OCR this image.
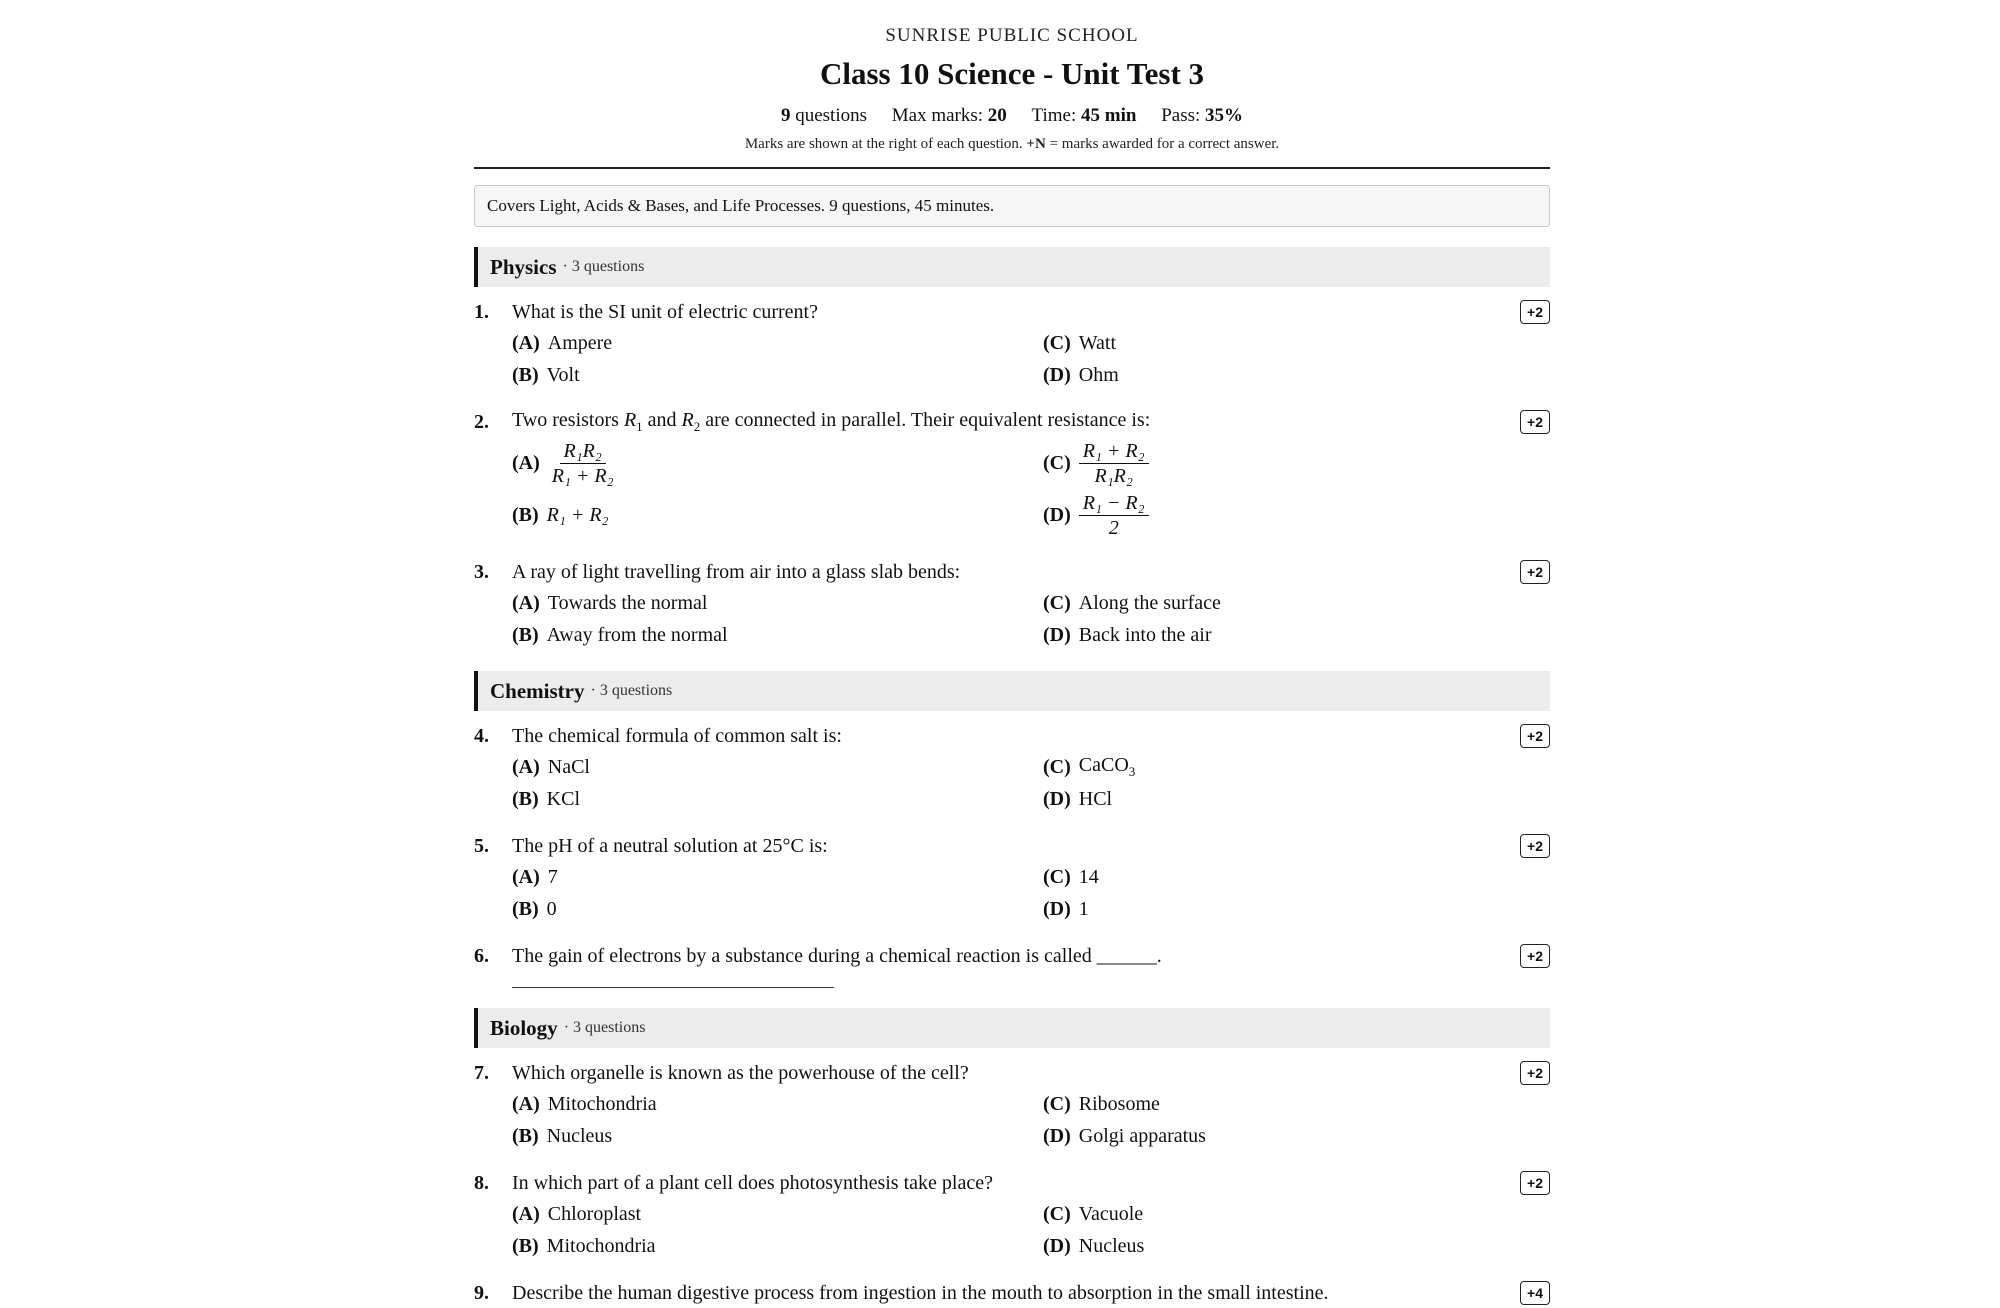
SUNRISE PUBLIC SCHOOL
Class 10 Science - Unit Test 3
9 questions Max marks: 20 Time: 45 min Pass: 35%
Marks are shown at the right of each question. +N = marks awarded for a correct answer.
Covers Light, Acids & Bases, and Life Processes. 9 questions, 45 minutes.
Physics · 3 questions
1.	What is the SI unit of electric current?	+2
(A) Ampere
(B) Volt
(C) Watt
(D) Ohm
2.	Two resistors $R_1$ and $R_2$ are connected in parallel. Their equivalent resistance is:	+2
$(A) \frac{\text{R₁R₂}}{\text{R₁ + R₂}}$
(B) R₁ + R₂
$(C) \frac{\text{R₁ + R₂}}{\text{R₁R₂}}$
$(D) \frac{\text{R₁ − R₂}}{2}$
3.	A ray of light travelling from air into a glass slab bends:	+2
(A) Towards the normal
(B) Away from the normal
(C) Along the surface
(D) Back into the air
Chemistry · 3 questions
4.	The chemical formula of common salt is:	+2
(A) NaCl
(B) KCl
(C) CaCO$_3$
(D) HCl
5.	The pH of a neutral solution at 25°C is:	+2
(A) 7
(B) 0
(C) 14
(D) 1
6.	The gain of electrons by a substance during a chemical reaction is called ______.	+2
Biology · 3 questions
7.	Which organelle is known as the powerhouse of the cell?	+2
(A) Mitochondria
(B) Nucleus
(C) Ribosome
(D) Golgi apparatus
8.	In which part of a plant cell does photosynthesis take place?	+2
(A) Chloroplast
(B) Mitochondria
(C) Vacuole
(D) Nucleus
9.	Describe the human digestive process from ingestion in the mouth to absorption in the small intestine.	+4
